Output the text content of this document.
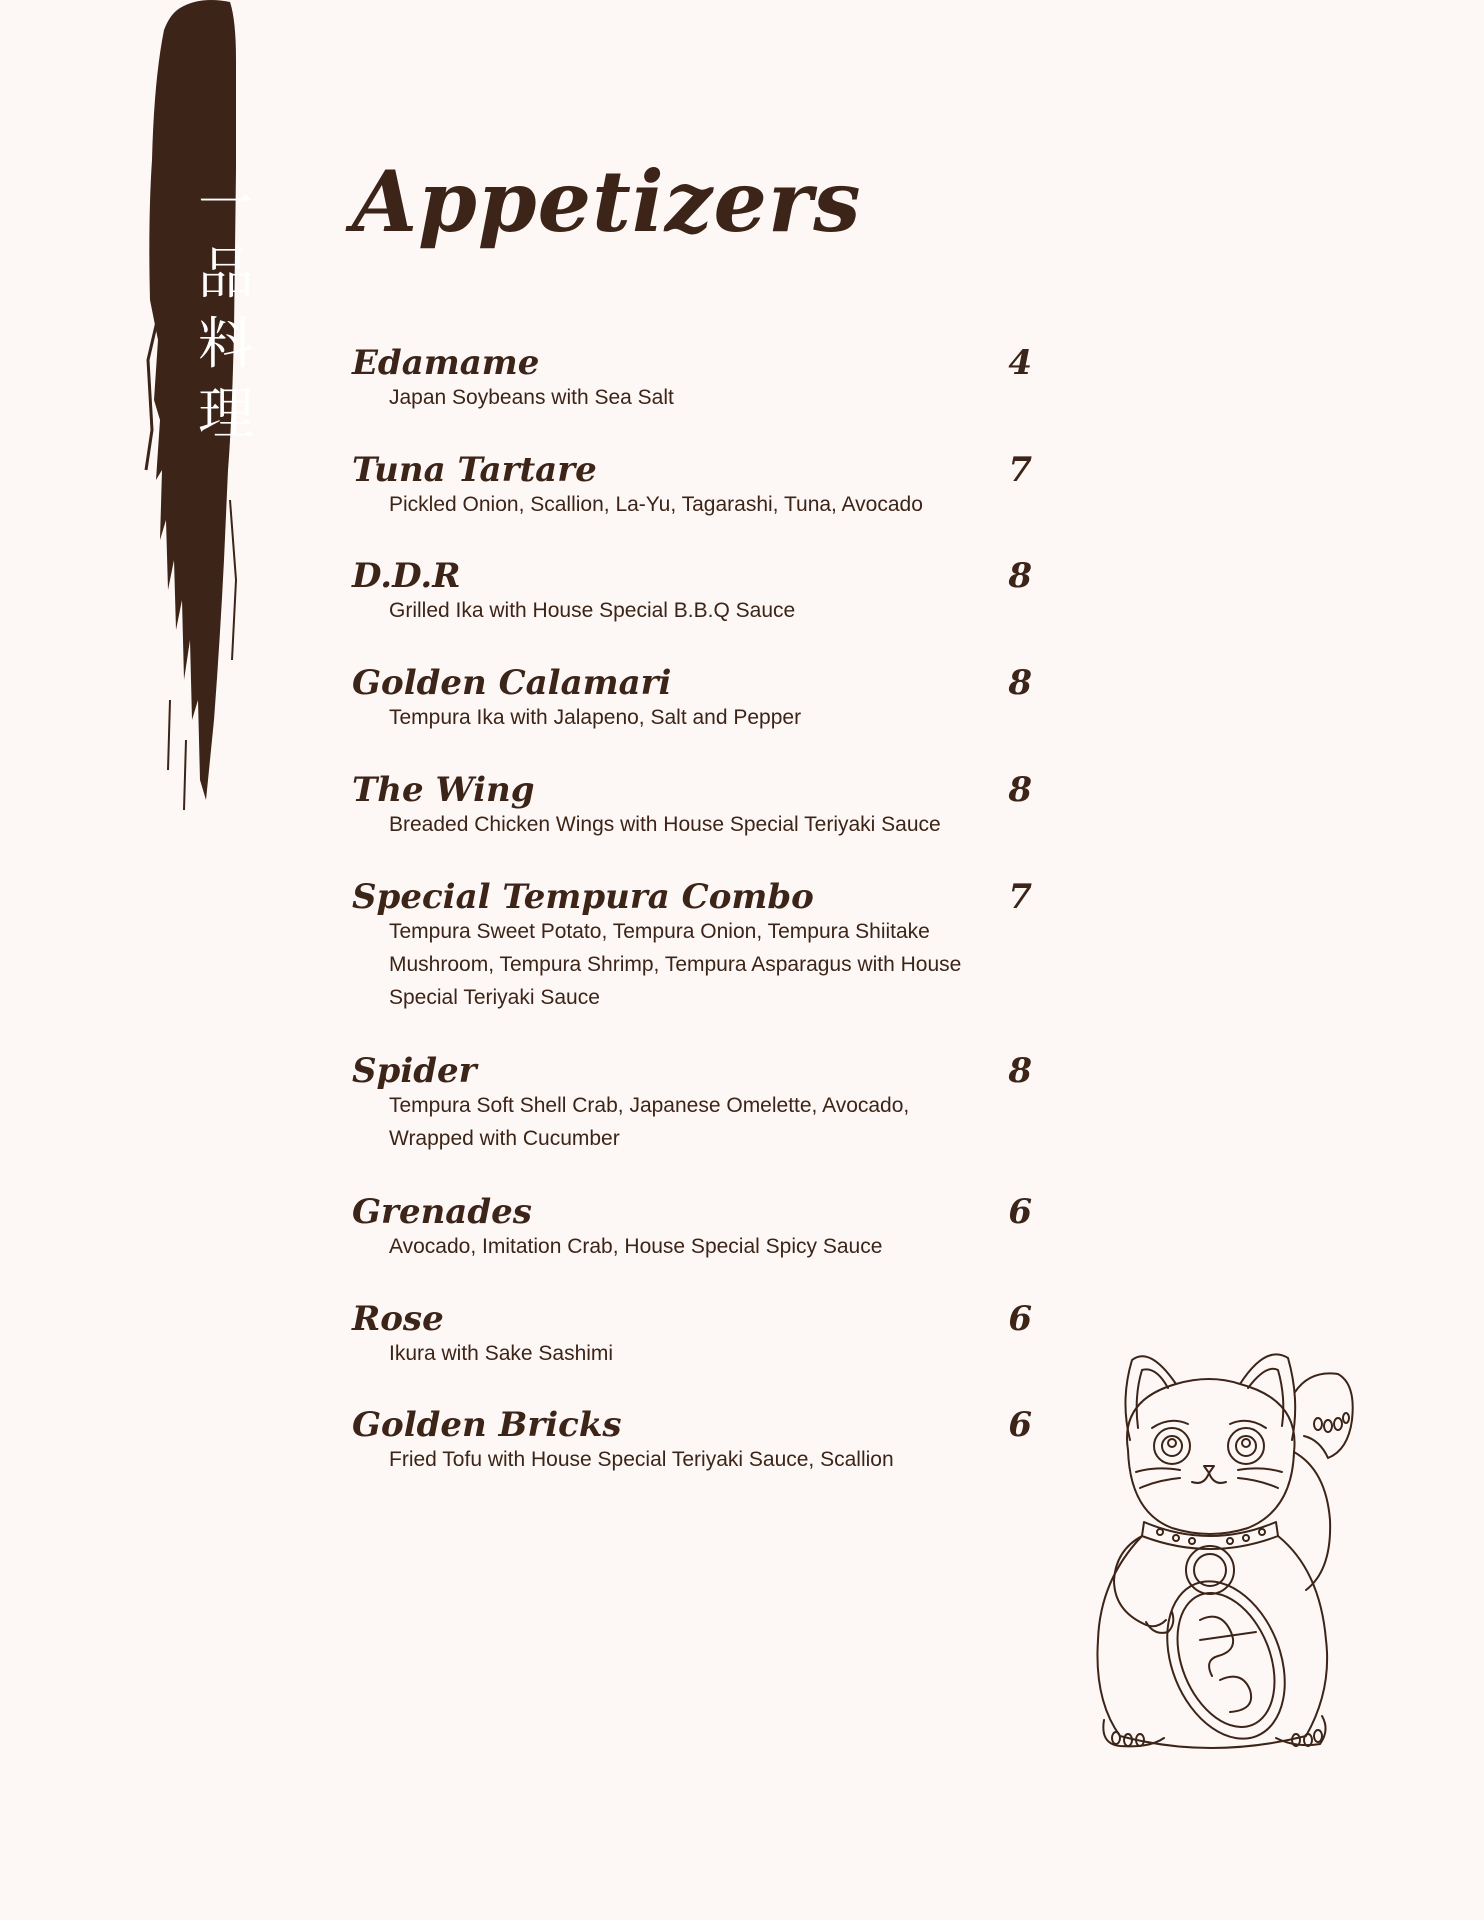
一
品
料
理
Appetizers
Edamame	4
Japan Soybeans with Sea Salt
Tuna Tartare	7
Pickled Onion, Scallion, La-Yu, Tagarashi, Tuna, Avocado
D.D.R	8
Grilled Ika with House Special B.B.Q Sauce
Golden Calamari	8
Tempura Ika with Jalapeno, Salt and Pepper
The Wing	8
Breaded Chicken Wings with House Special Teriyaki Sauce
Special Tempura Combo	7
Tempura Sweet Potato, Tempura Onion, Tempura Shiitake Mushroom, Tempura Shrimp, Tempura Asparagus with House Special Teriyaki Sauce
Spider	8
Tempura Soft Shell Crab, Japanese Omelette, Avocado, Wrapped with Cucumber
Grenades	6
Avocado, Imitation Crab, House Special Spicy Sauce
Rose	6
Ikura with Sake Sashimi
Golden Bricks	6
Fried Tofu with House Special Teriyaki Sauce, Scallion
